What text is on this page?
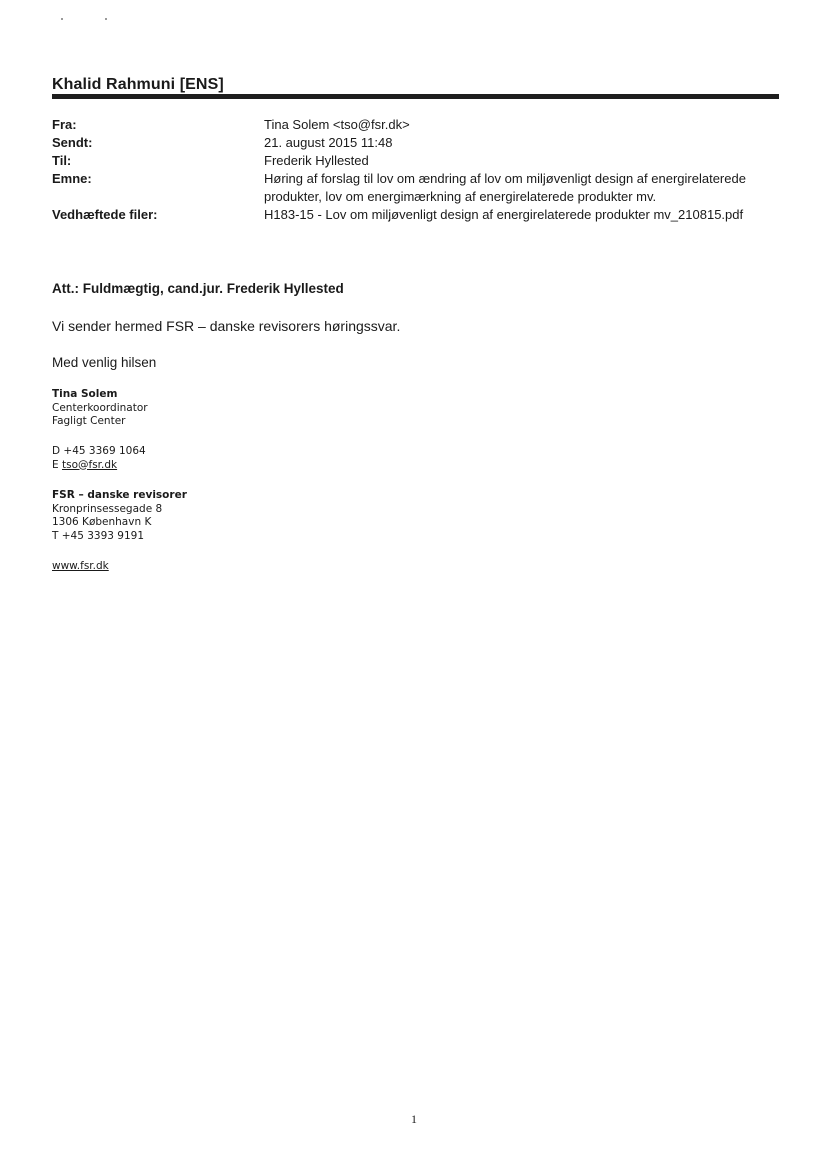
Khalid Rahmuni [ENS]
Fra:	Tina Solem <tso@fsr.dk>
Sendt:	21. august 2015 11:48
Til:	Frederik Hyllested
Emne:	Høring af forslag til lov om ændring af lov om miljøvenligt design af energirelaterede produkter, lov om energimærkning af energirelaterede produkter mv.
Vedhæftede filer:	H183-15 - Lov om miljøvenligt design af energirelaterede produkter mv_210815.pdf
Att.: Fuldmægtig, cand.jur. Frederik Hyllested
Vi sender hermed FSR – danske revisorers høringssvar.
Med venlig hilsen
Tina Solem
Centerkoordinator
Fagligt Center
D +45 3369 1064
E tso@fsr.dk
FSR – danske revisorer
Kronprinsessegade 8
1306 København K
T +45 3393 9191
www.fsr.dk
1
